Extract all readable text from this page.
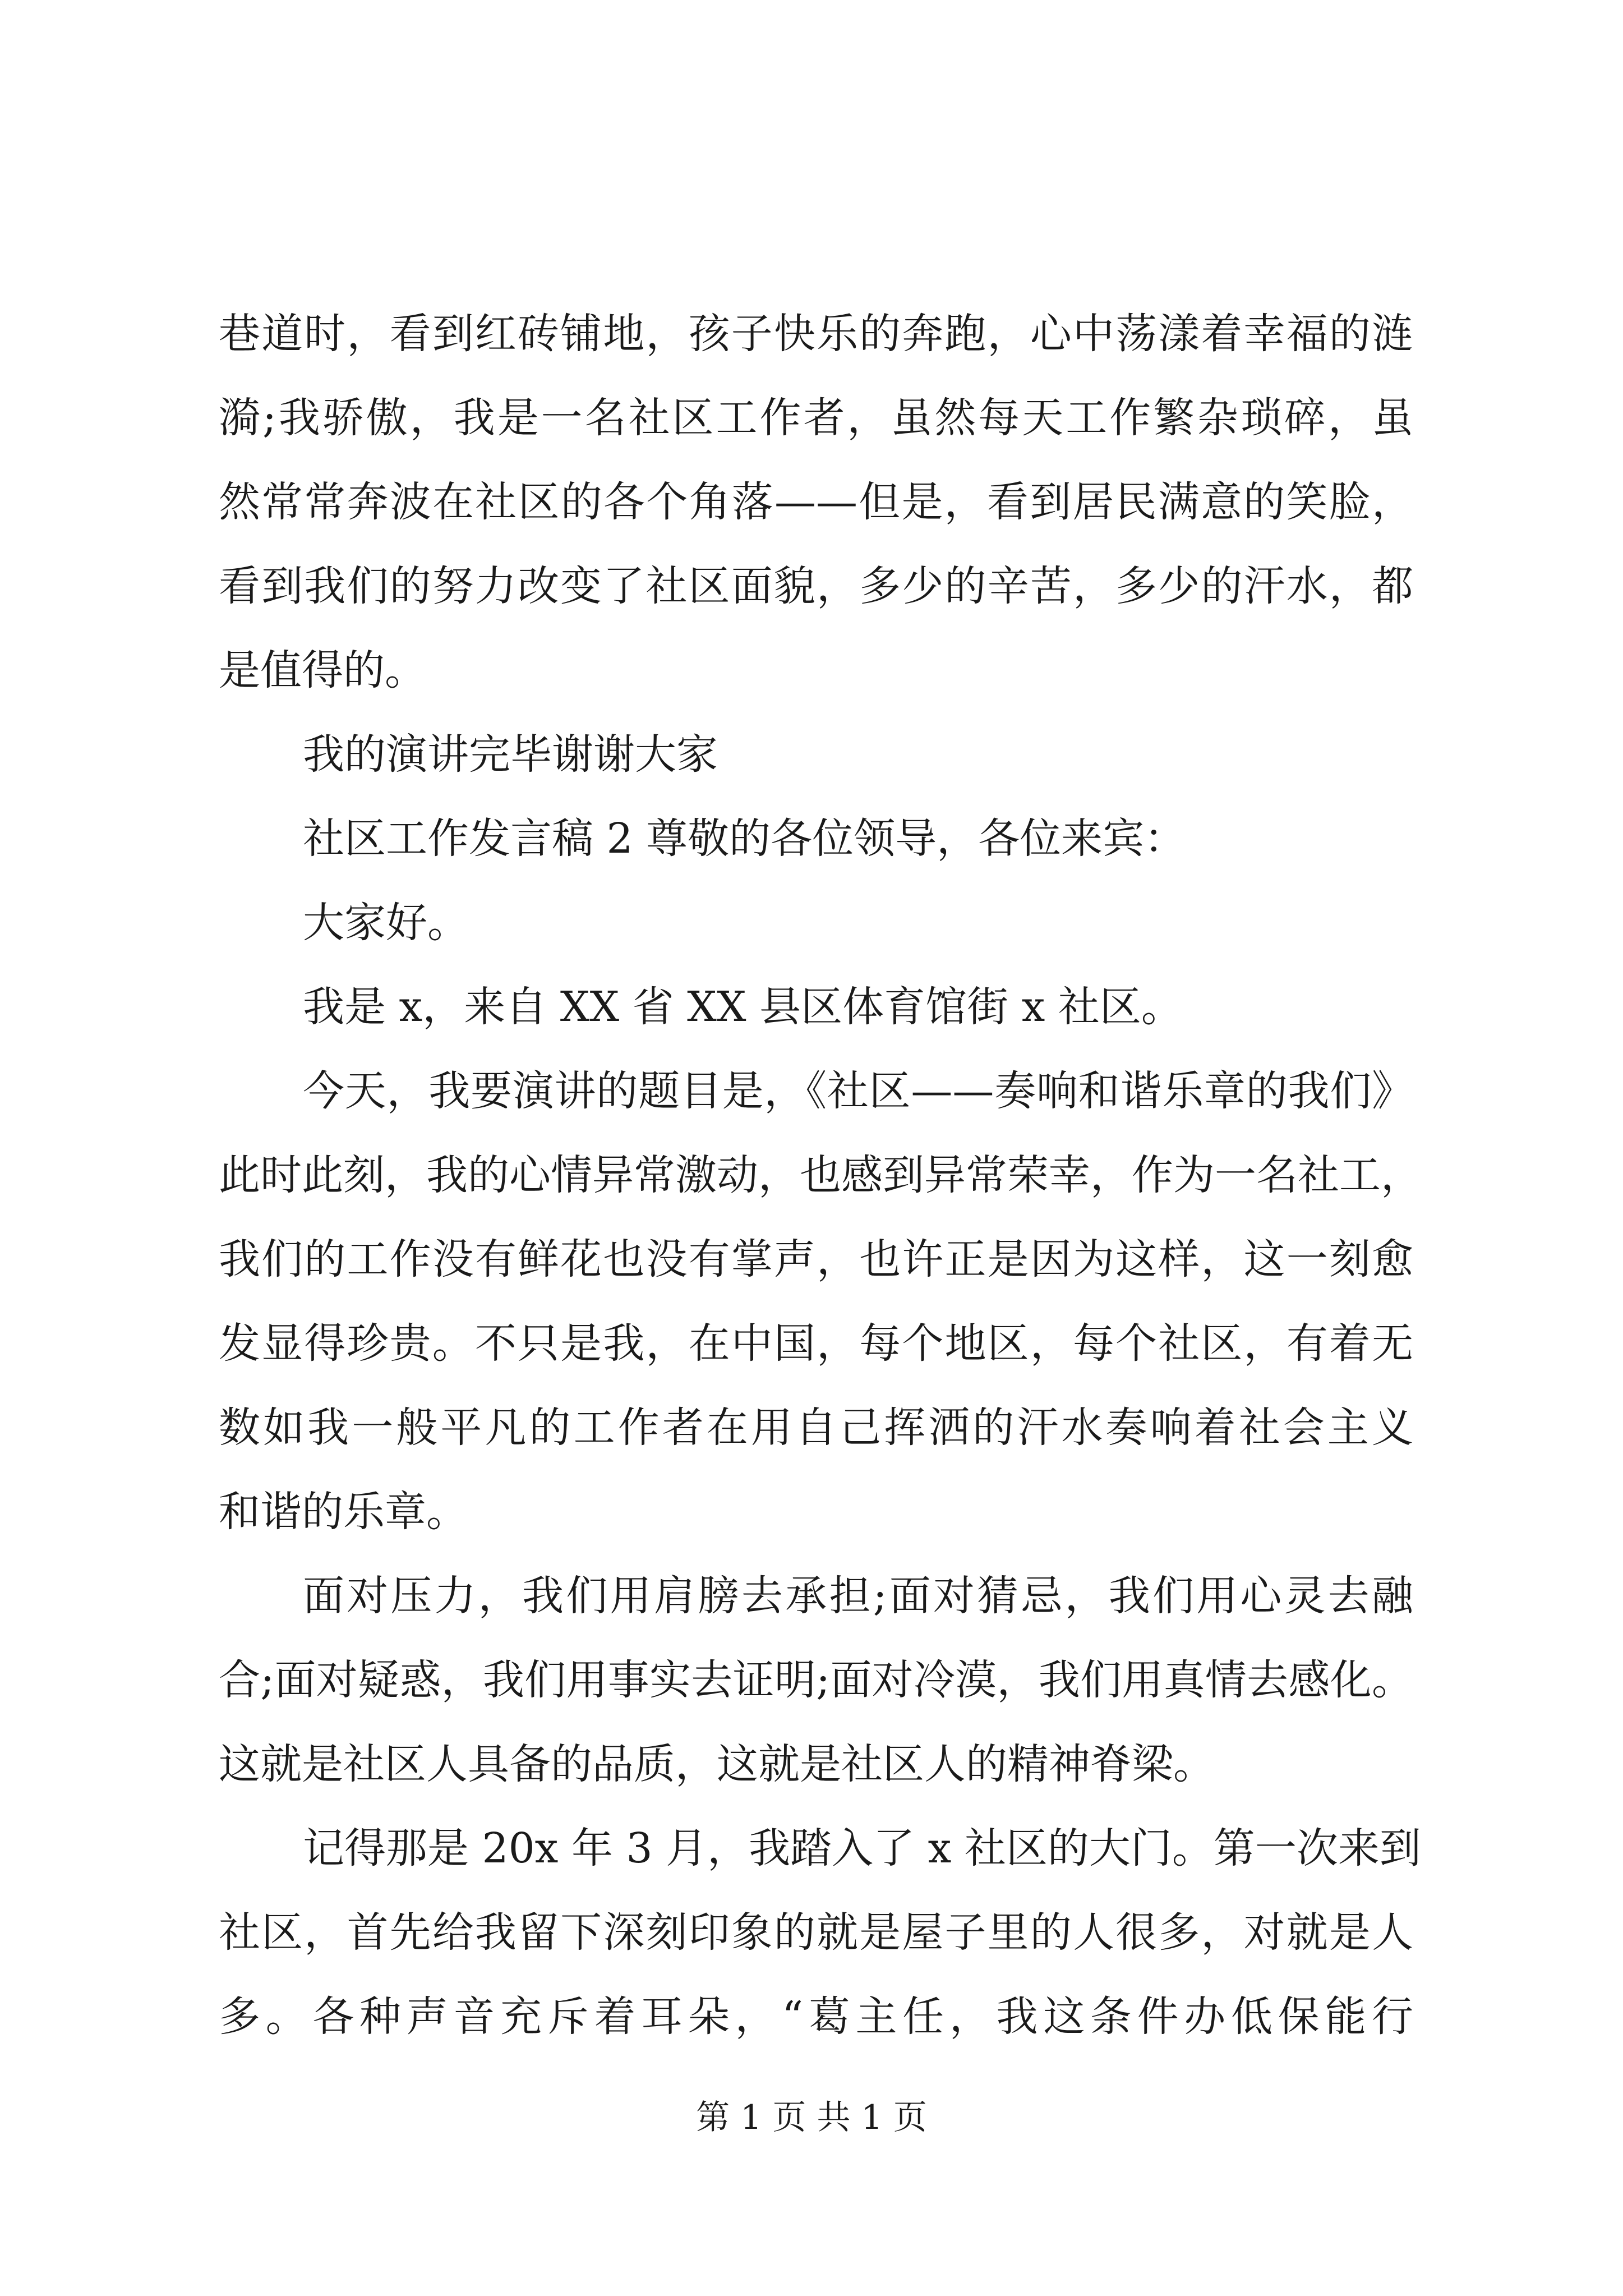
巷道时，看到红砖铺地，孩子快乐的奔跑，心中荡漾着幸福的涟
漪;我骄傲，我是一名社区工作者，虽然每天工作繁杂琐碎，虽
然常常奔波在社区的各个角落——但是，看到居民满意的笑脸，
看到我们的努力改变了社区面貌，多少的辛苦，多少的汗水，都
是值得的。
我的演讲完毕谢谢大家
社区工作发言稿 2 尊敬的各位领导，各位来宾：
大家好。
我是 x，来自 XX 省 XX 县区体育馆街 x 社区。
今天，我要演讲的题目是，《社区——奏响和谐乐章的我们》
此时此刻，我的心情异常激动，也感到异常荣幸，作为一名社工，
我们的工作没有鲜花也没有掌声，也许正是因为这样，这一刻愈
发显得珍贵。不只是我，在中国，每个地区，每个社区，有着无
数如我一般平凡的工作者在用自己挥洒的汗水奏响着社会主义
和谐的乐章。
面对压力，我们用肩膀去承担;面对猜忌，我们用心灵去融
合;面对疑惑，我们用事实去证明;面对冷漠，我们用真情去感化。
这就是社区人具备的品质，这就是社区人的精神脊梁。
记得那是 20x 年 3 月，我踏入了 x 社区的大门。第一次来到
社区，首先给我留下深刻印象的就是屋子里的人很多，对就是人
多。各种声音充斥着耳朵，“葛主任，我这条件办低保能行
第 1 页 共 1 页
